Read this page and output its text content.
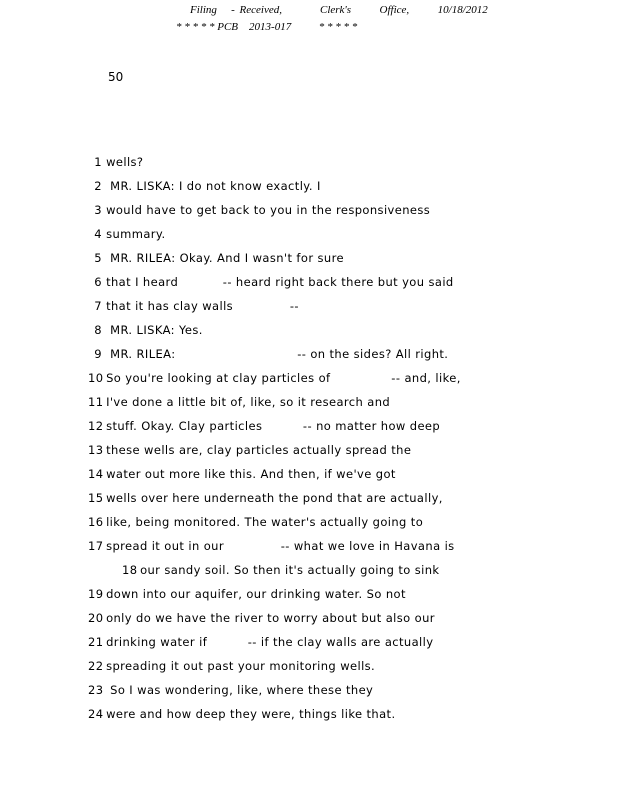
Filing   - Received,        Clerk's      Office,      10/18/2012
* * * * * PCB    2013-017          * * * * *
50
1 wells?
2  MR. LISKA: I do not know exactly. I
3 would have to get back to you in the responsiveness
4 summary.
5  MR. RILEA: Okay. And I wasn't for sure
6 that I heard           -- heard right back there but you said
7 that it has clay walls              --
8  MR. LISKA: Yes.
9  MR. RILEA:                              -- on the sides? All right.
10 So you're looking at clay particles of               -- and, like,
11 I've done a little bit of, like, so it research and
12 stuff. Okay. Clay particles          -- no matter how deep
13 these wells are, clay particles actually spread the
14 water out more like this. And then, if we've got
15 wells over here underneath the pond that are actually,
16 like, being monitored. The water's actually going to
17 spread it out in our              -- what we love in Havana is
18 our sandy soil. So then it's actually going to sink
19 down into our aquifer, our drinking water. So not
20 only do we have the river to worry about but also our
21 drinking water if          -- if the clay walls are actually
22 spreading it out past your monitoring wells.
23  So I was wondering, like, where these they
24 were and how deep they were, things like that.
